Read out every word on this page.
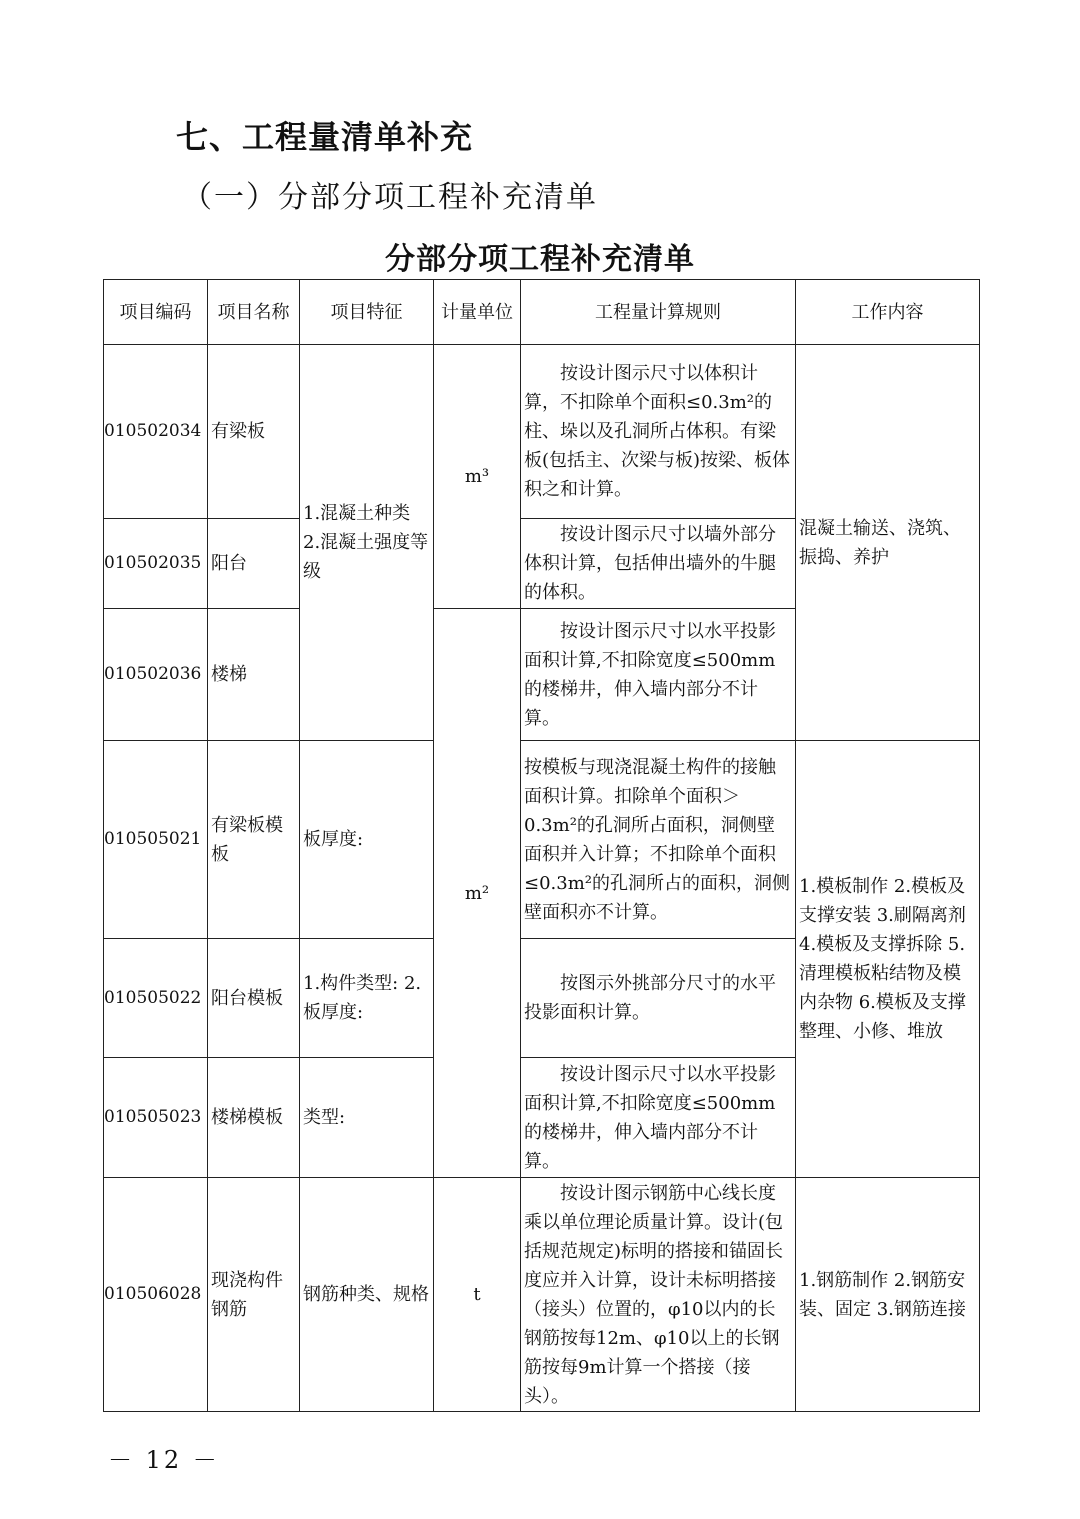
七、工程量清单补充
（一）分部分项工程补充清单
分部分项工程补充清单
项目编码	项目名称	项目特征	计量单位	工程量计算规则	工作内容
010502034	有梁板	1.混凝土种类 2.混凝土强度等级	m³	按设计图示尺寸以体积计算，不扣除单个面积≤0.3m²的柱、垛以及孔洞所占体积。有梁板(包括主、次梁与板)按梁、板体积之和计算。	混凝土输送、浇筑、振捣、养护
010502035	阳台			按设计图示尺寸以墙外部分体积计算，包括伸出墙外的牛腿的体积。	

010502036	楼梯		m²	按设计图示尺寸以水平投影面积计算,不扣除宽度≤500mm 的楼梯井，伸入墙内部分不计算。	

010505021	有梁板模板	板厚度:		按模板与现浇混凝土构件的接触面积计算。扣除单个面积＞0.3m²的孔洞所占面积，洞侧壁面积并入计算；不扣除单个面积≤0.3m²的孔洞所占的面积，洞侧壁面积亦不计算。	1.模板制作 2.模板及支撑安装 3.刷隔离剂 4.模板及支撑拆除 5.清理模板粘结物及模内杂物 6.模板及支撑整理、小修、堆放
010505022	阳台模板	1.构件类型: 2.板厚度:		按图示外挑部分尺寸的水平投影面积计算。	

010505023	楼梯模板	类型:		按设计图示尺寸以水平投影面积计算,不扣除宽度≤500mm 的楼梯井，伸入墙内部分不计算。	

010506028	现浇构件钢筋	钢筋种类、规格	t	按设计图示钢筋中心线长度乘以单位理论质量计算。设计(包括规范规定)标明的搭接和锚固长度应并入计算，设计未标明搭接（接头）位置的，φ10以内的长钢筋按每12m、φ10以上的长钢筋按每9m计算一个搭接（接头）。	1.钢筋制作 2.钢筋安装、固定 3.钢筋连接
－ 12 －
